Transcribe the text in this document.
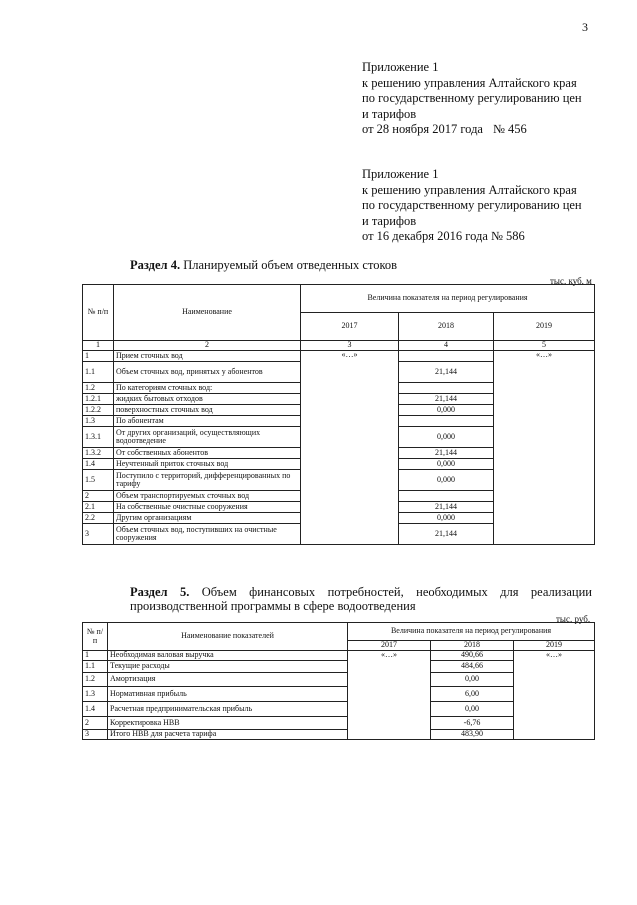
3
Приложение 1
к решению управления Алтайского края
по государственному регулированию цен
и тарифов
от 28 ноября 2017 года № 456
Приложение 1
к решению управления Алтайского края
по государственному регулированию цен
и тарифов
от 16 декабря 2016 года № 586
Раздел 4. Планируемый объем отведенных стоков
тыс. куб. м
№ п/п	Наименование	Величина показателя на период регулирования		
		2017	2018	2019
1	2	3	4	5
1	Прием сточных вод	«…»		«…»
1.1	Объем сточных вод, принятых у абонентов		21,144	
1.2	По категориям сточных вод:			
1.2.1	жидких бытовых отходов		21,144	
1.2.2	поверхностных сточных вод		0,000	
1.3	По абонентам			
1.3.1	От других организаций, осуществляющих водоотведение		0,000	
1.3.2	От собственных абонентов		21,144	
1.4	Неучтенный приток сточных вод		0,000	
1.5	Поступило с территорий, дифференцированных по тарифу		0,000	
2	Объем транспортируемых сточных вод			
2.1	На собственные очистные сооружения		21,144	
2.2	Другим организациям		0,000	
3	Объем сточных вод, поступивших на очистные сооружения		21,144	
Раздел 5. Объем финансовых потребностей, необходимых для реализации производственной программы в сфере водоотведения
тыс. руб.
№ п/п	Наименование показателей	Величина показателя на период регулирования		
		2017	2018	2019
1	Необходимая валовая выручка	«…»	490,66	«…»
1.1	Текущие расходы		484,66	
1.2	Амортизация		0,00	
1.3	Нормативная прибыль		6,00	
1.4	Расчетная предпринимательская прибыль		0,00	
2	Корректировка НВВ		-6,76	
3	Итого НВВ для расчета тарифа		483,90	
